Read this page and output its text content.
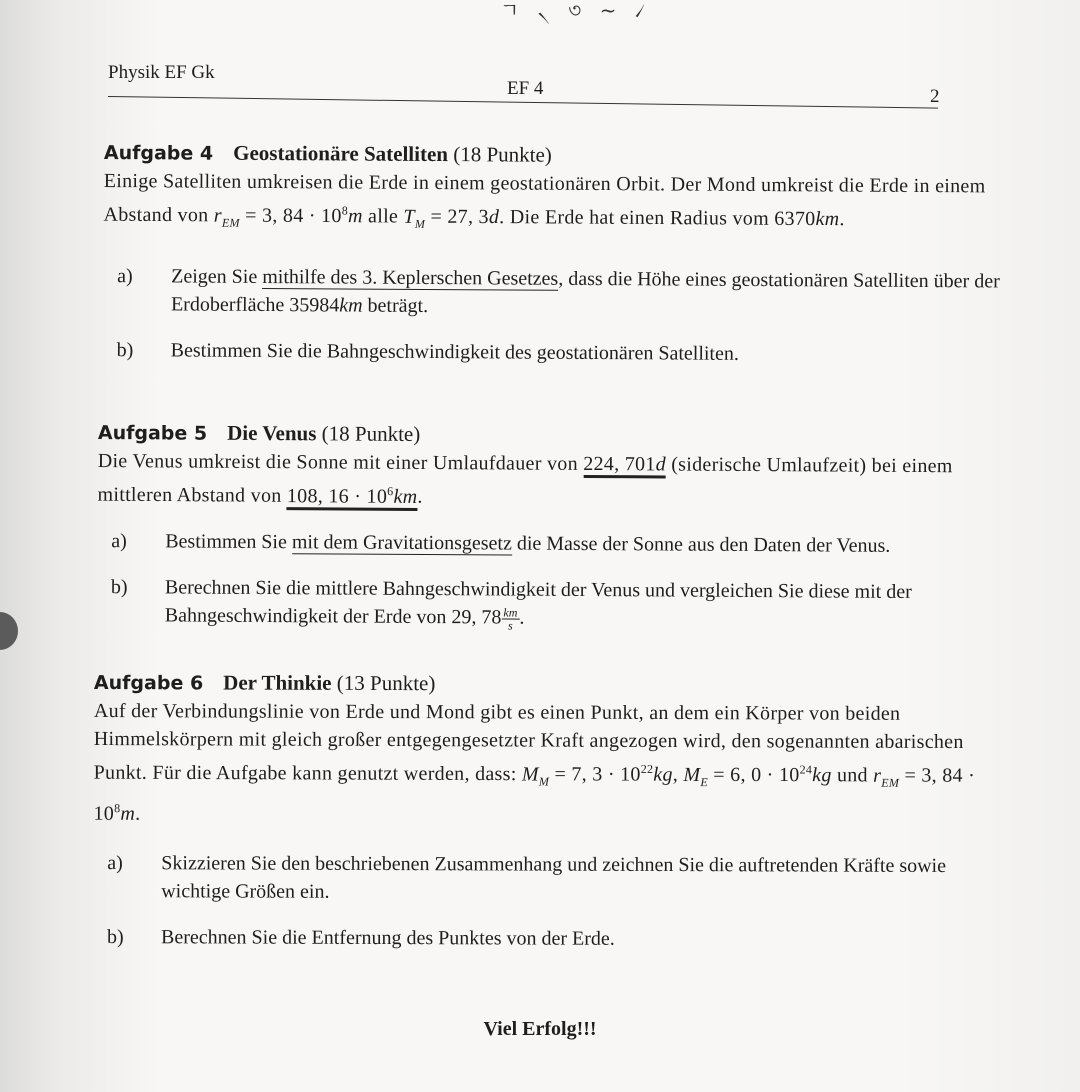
ㄱ ৲ ৩ ~ ৴
Physik EF Gk
EF 4	2
Aufgabe 4 Geostationäre Satelliten (18 Punkte)
Einige Satelliten umkreisen die Erde in einem geostationären Orbit. Der Mond umkreist die Erde in einem Abstand von $r_{EM} = 3$, $84 \cdot 10^8m$ alle $T_M = 27$, 3d. Die Erde hat einen Radius vom 6370km.
a) Zeigen Sie mithilfe des 3. Keplerschen Gesetzes, dass die Höhe eines geostationären Satelliten über der Erdoberfläche 35984km beträgt.
b) Bestimmen Sie die Bahngeschwindigkeit des geostationären Satelliten.
Aufgabe 5 Die Venus (18 Punkte)
Die Venus umkreist die Sonne mit einer Umlaufdauer von 224, 701d (siderische Umlaufzeit) bei einem mittleren Abstand von 108, $16 \cdot 10^6km$.
a) Bestimmen Sie mit dem Gravitationsgesetz die Masse der Sonne aus den Daten der Venus.
b) Berechnen Sie die mittlere Bahngeschwindigkeit der Venus und vergleichen Sie diese mit der Bahngeschwindigkeit der Erde von 29, $78 \frac{km}{s}$ .
Aufgabe 6 Der Thinkie (13 Punkte)
Auf der Verbindungslinie von Erde und Mond gibt es einen Punkt, an dem ein Körper von beiden Himmelskörpern mit gleich großer entgegengesetzter Kraft angezogen wird, den sogenannten abarischen Punkt. Für die Aufgabe kann genutzt werden, dass: $M_M = 7$, $3 \cdot 10^{22}kg$, $M_E = 6$, $0 \cdot 10^{24}kg$ und $r_{EM} = 3$, $84 \cdot 10^8m$.
a) Skizzieren Sie den beschriebenen Zusammenhang und zeichnen Sie die auftretenden Kräfte sowie wichtige Größen ein.
b) Berechnen Sie die Entfernung des Punktes von der Erde.
Viel Erfolg!!!
